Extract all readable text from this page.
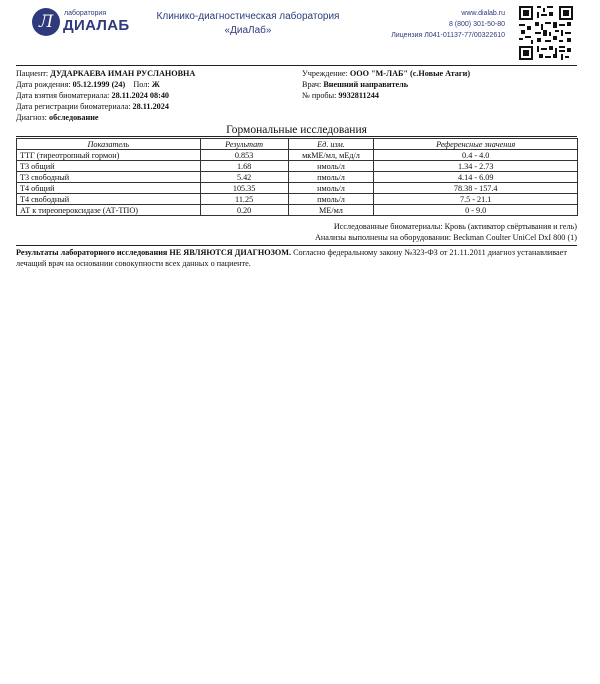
Л лаборатория
ДИАЛАБ
Клинико-диагностическая лаборатория
«ДиаЛаб»
www.dialab.ru
8 (800) 301-50-80
Лицензия Л041-01137-77/00322610
Пациент: ДУДАРКАЕВА ИМАН РУСЛАНОВНА
Дата рождения: 05.12.1999 (24) Пол: Ж
Дата взятия биоматериала: 28.11.2024 08:40
Дата регистрации биоматериала: 28.11.2024
Диагноз: обследование
Учреждение: ООО "М-ЛАБ" (с.Новые Атаги)
Врач: Внешний направитель
№ пробы: 9932811244
Гормональные исследования
Показатель	Результат	Ед. изм.	Референсные значения
ТТГ (тиреотропный гормон)	0.853	мкМЕ/мл, мЕд/л	0.4 - 4.0
Т3 общий	1.68	нмоль/л	1.34 - 2.73
Т3 свободный	5.42	пмоль/л	4.14 - 6.09
Т4 общий	105.35	нмоль/л	78.38 - 157.4
Т4 свободный	11.25	пмоль/л	7.5 - 21.1
АТ к тиреопероксидазе (АТ-ТПО)	0.20	МЕ/мл	0 - 9.0
Исследованные биоматериалы: Кровь (активатор свёртывания и гель)
Анализы выполнены на оборудовании: Beckman Coulter UniCel DxI 800 (1)
Результаты лабораторного исследования НЕ ЯВЛЯЮТСЯ ДИАГНОЗОМ. Согласно федеральному закону №323-ФЗ от 21.11.2011 диагноз устанавливает лечащий врач на основании совокупности всех данных о пациенте.
